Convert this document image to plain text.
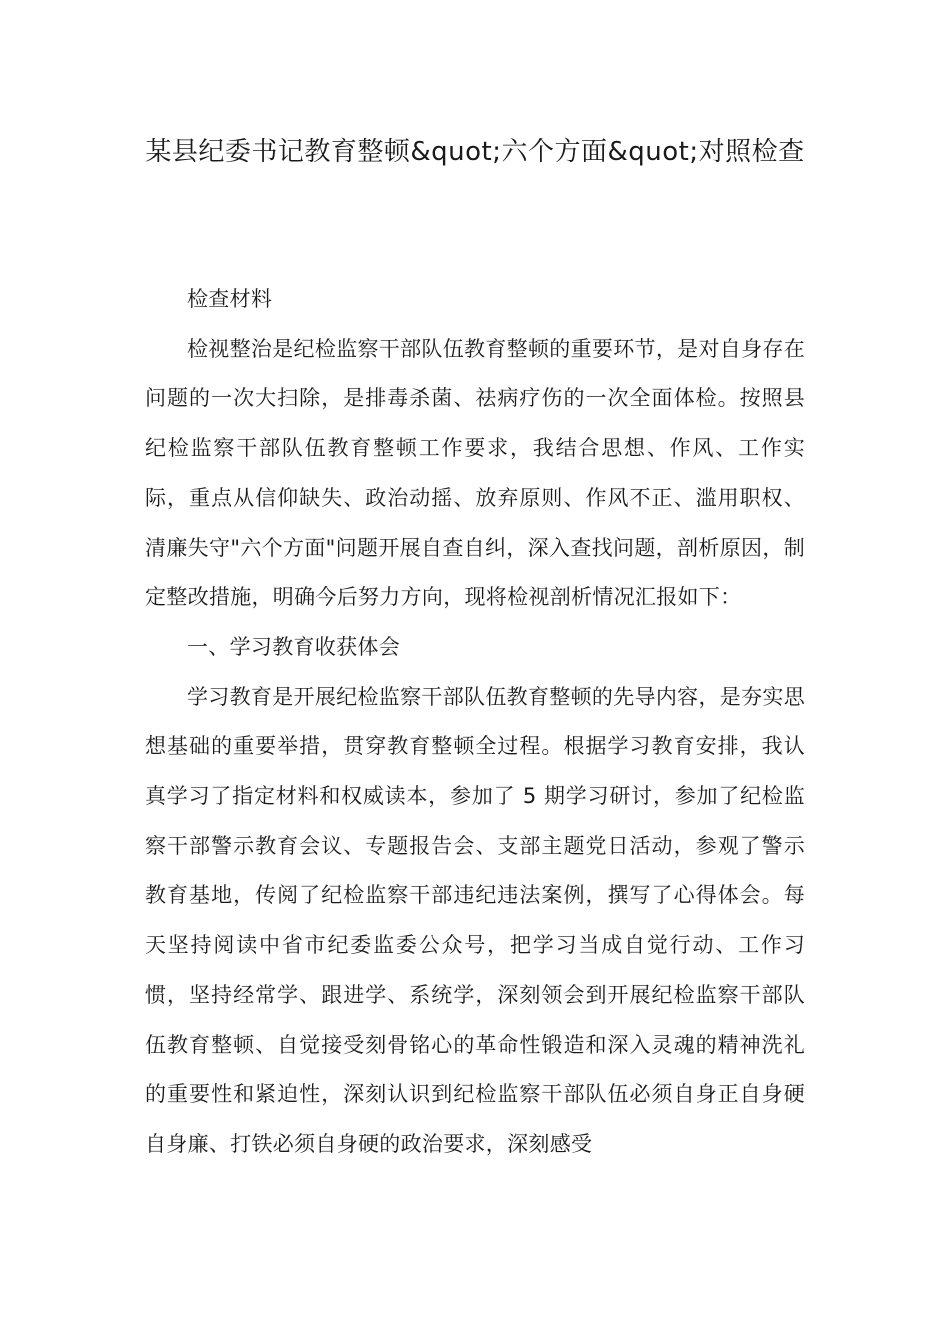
某县纪委书记教育整顿&quot;六个方面&quot;对照检查

检查材料

检视整治是纪检监察干部队伍教育整顿的重要环节，是对自身存在问题的一次大扫除，是排毒杀菌、祛病疗伤的一次全面体检。按照县纪检监察干部队伍教育整顿工作要求，我结合思想、作风、工作实际，重点从信仰缺失、政治动摇、放弃原则、作风不正、滥用职权、清廉失守"六个方面"问题开展自查自纠，深入查找问题，剖析原因，制定整改措施，明确今后努力方向，现将检视剖析情况汇报如下：

一、学习教育收获体会

学习教育是开展纪检监察干部队伍教育整顿的先导内容，是夯实思想基础的重要举措，贯穿教育整顿全过程。根据学习教育安排，我认真学习了指定材料和权威读本，参加了 5 期学习研讨，参加了纪检监察干部警示教育会议、专题报告会、支部主题党日活动，参观了警示教育基地，传阅了纪检监察干部违纪违法案例，撰写了心得体会。每天坚持阅读中省市纪委监委公众号，把学习当成自觉行动、工作习惯，坚持经常学、跟进学、系统学，深刻领会到开展纪检监察干部队伍教育整顿、自觉接受刻骨铭心的革命性锻造和深入灵魂的精神洗礼的重要性和紧迫性，深刻认识到纪检监察干部队伍必须自身正自身硬自身廉、打铁必须自身硬的政治要求，深刻感受
